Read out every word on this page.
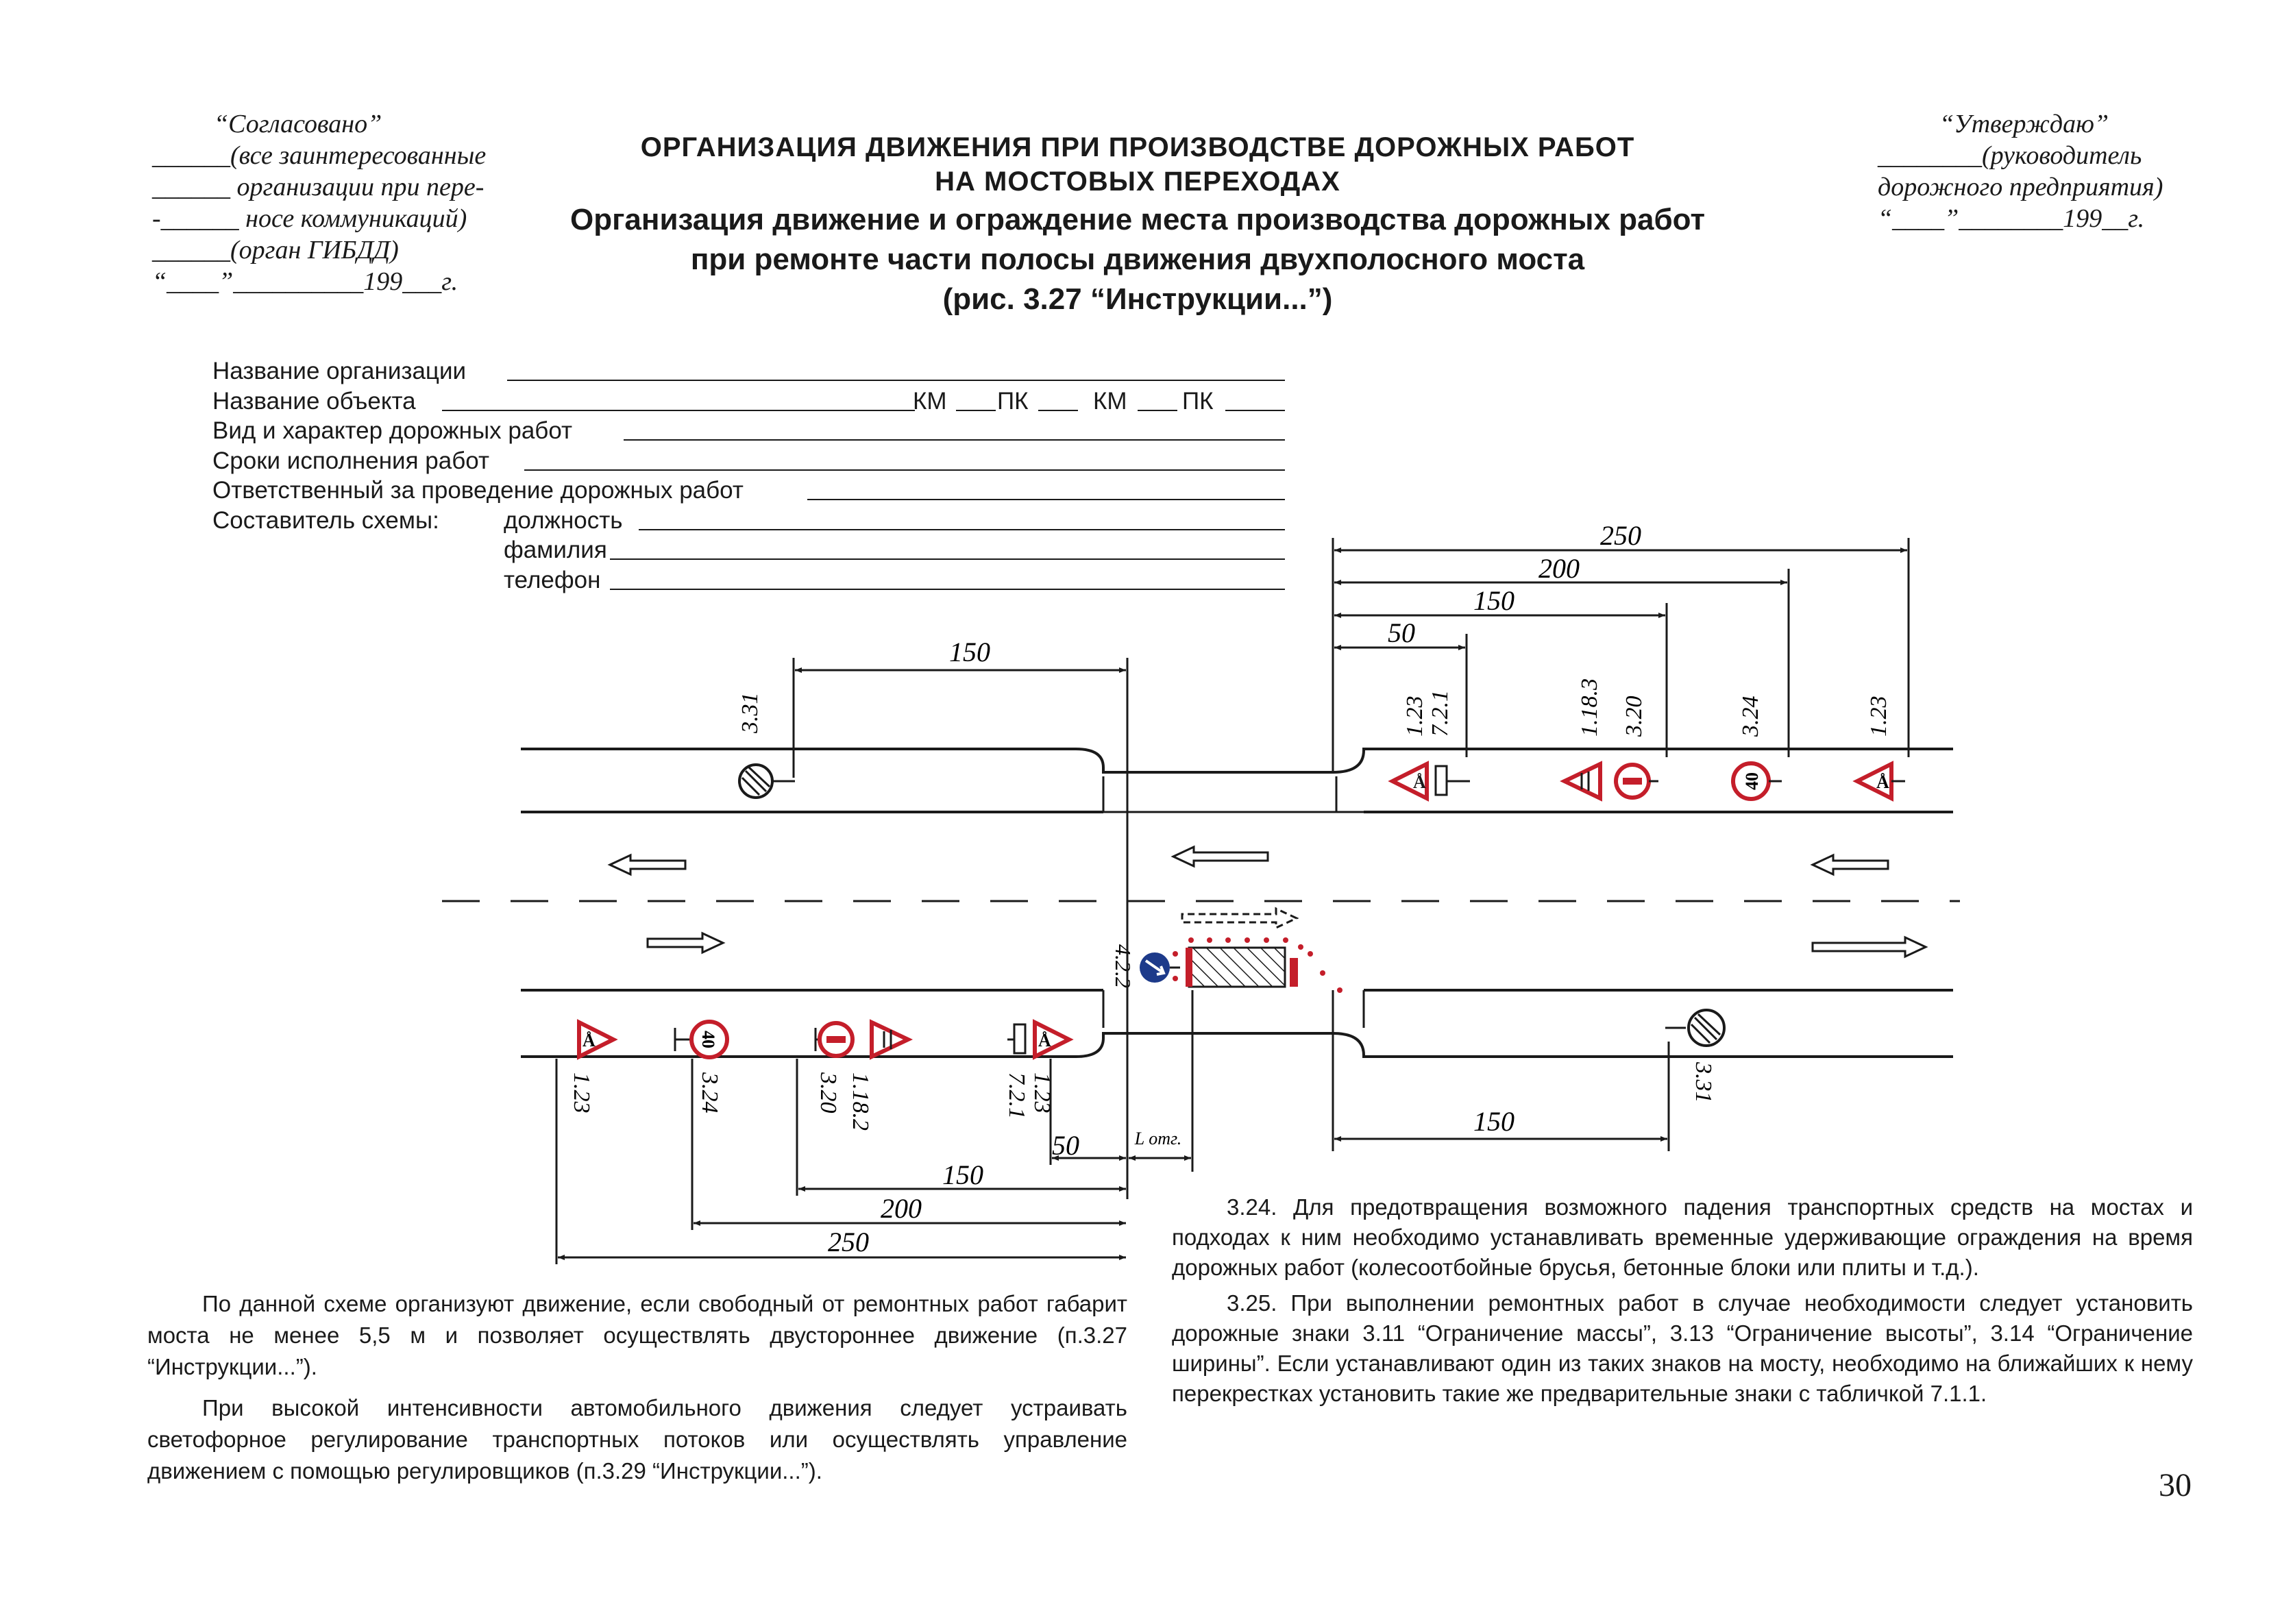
“Согласовано”
______(все заинтересованные
______ организации при пере-
-______ носе коммуникаций)
______(орган ГИБДД)
“____”__________199___г.
“Утверждаю”
________(руководитель
дорожного предприятия)
“____”________199__г.
ОРГАНИЗАЦИЯ ДВИЖЕНИЯ ПРИ ПРОИЗВОДСТВЕ ДОРОЖНЫХ РАБОТ
НА МОСТОВЫХ ПЕРЕХОДАХ
Организация движение и ограждение места производства дорожных работ
при ремонте части полосы движения двухполосного моста
(рис. 3.27 “Инструкции...”)
Название организации
Название объекта	КМ ПК	КМ ПК
Вид и характер дорожных работ
Сроки исполнения работ
Ответственный за проведение дорожных работ
Составитель схемы:	должность
фамилия
телефон
4.2.2
Å	40	Å
3.31	1.23 7.2.1	1.18.3 3.20	3.24	1.23
Å	40	Å
1.23	3.24	3.20 1.18.2	7.2.1 1.23	3.31
250
200
150
50
150
50	L отг.
150
200
250
150

По данной схеме организуют движение, если свободный от ремонтных работ габарит моста не менее 5,5 м и позволяет осуществлять двустороннее движение (п.3.27 “Инструкции...”).

При высокой интенсивности автомобильного движения следует устраивать светофорное регулирование транспортных потоков или осуществлять управление движением с помощью регулировщиков (п.3.29 “Инструкции...”).

3.24. Для предотвращения возможного падения транспортных средств на мостах и подходах к ним необходимо устанавливать временные удерживающие ограждения на время дорожных работ (колесоотбойные брусья, бетонные блоки или плиты и т.д.).

3.25. При выполнении ремонтных работ в случае необходимости следует установить дорожные знаки 3.11 “Ограничение массы”, 3.13 “Ограничение высоты”, 3.14 “Ограничение ширины”. Если устанавливают один из таких знаков на мосту, необходимо на ближайших к нему перекрестках установить такие же предварительные знаки с табличкой 7.1.1.

30
